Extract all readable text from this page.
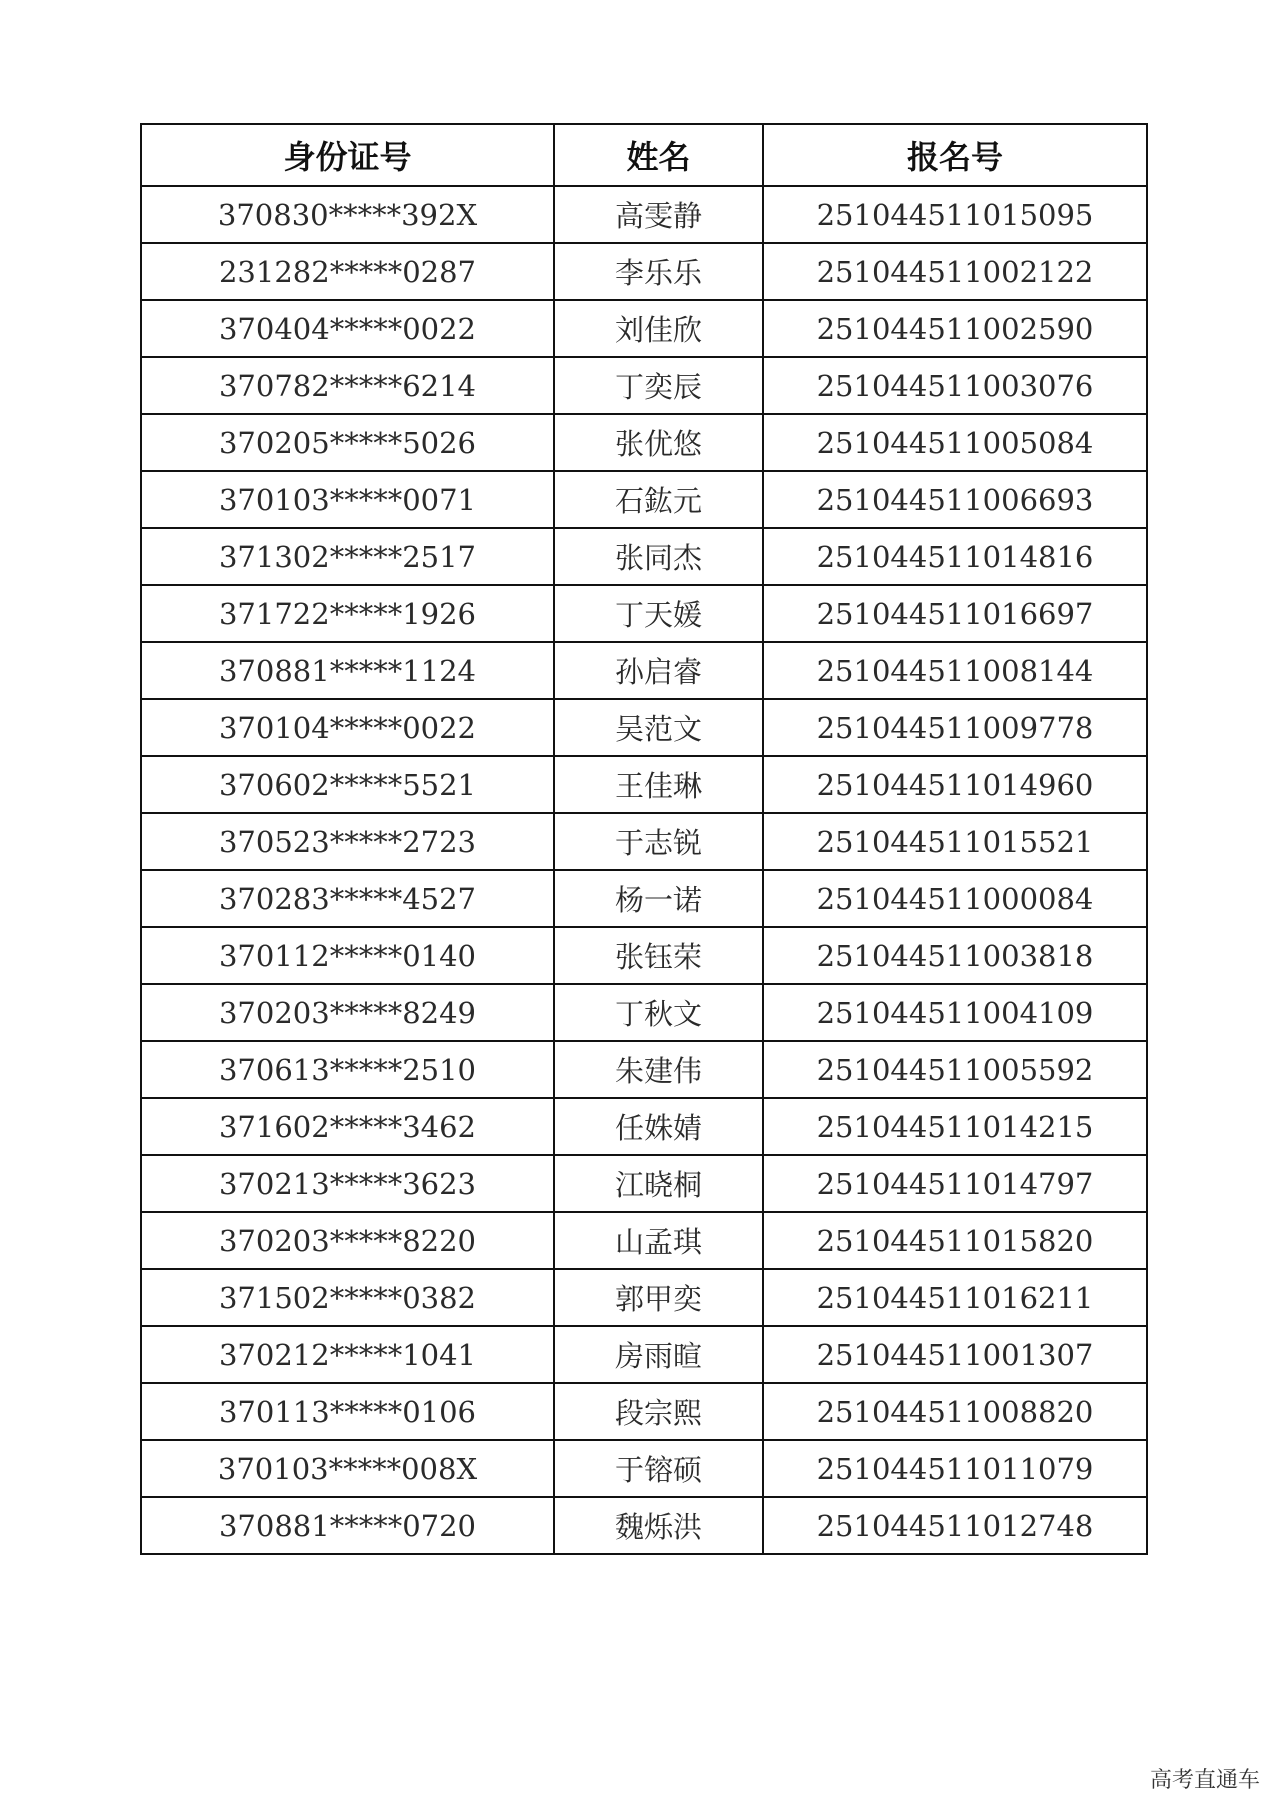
身份证号	姓名	报名号
370830*****392X	高雯静	251044511015095
231282*****0287	李乐乐	251044511002122
370404*****0022	刘佳欣	251044511002590
370782*****6214	丁奕辰	251044511003076
370205*****5026	张优悠	251044511005084
370103*****0071	石鈜元	251044511006693
371302*****2517	张同杰	251044511014816
371722*****1926	丁天媛	251044511016697
370881*****1124	孙启睿	251044511008144
370104*****0022	吴范文	251044511009778
370602*****5521	王佳琳	251044511014960
370523*****2723	于志锐	251044511015521
370283*****4527	杨一诺	251044511000084
370112*****0140	张钰荣	251044511003818
370203*****8249	丁秋文	251044511004109
370613*****2510	朱建伟	251044511005592
371602*****3462	任姝婧	251044511014215
370213*****3623	江晓桐	251044511014797
370203*****8220	山孟琪	251044511015820
371502*****0382	郭甲奕	251044511016211
370212*****1041	房雨暄	251044511001307
370113*****0106	段宗熙	251044511008820
370103*****008X	于镕硕	251044511011079
370881*****0720	魏烁洪	251044511012748
高考直通车
